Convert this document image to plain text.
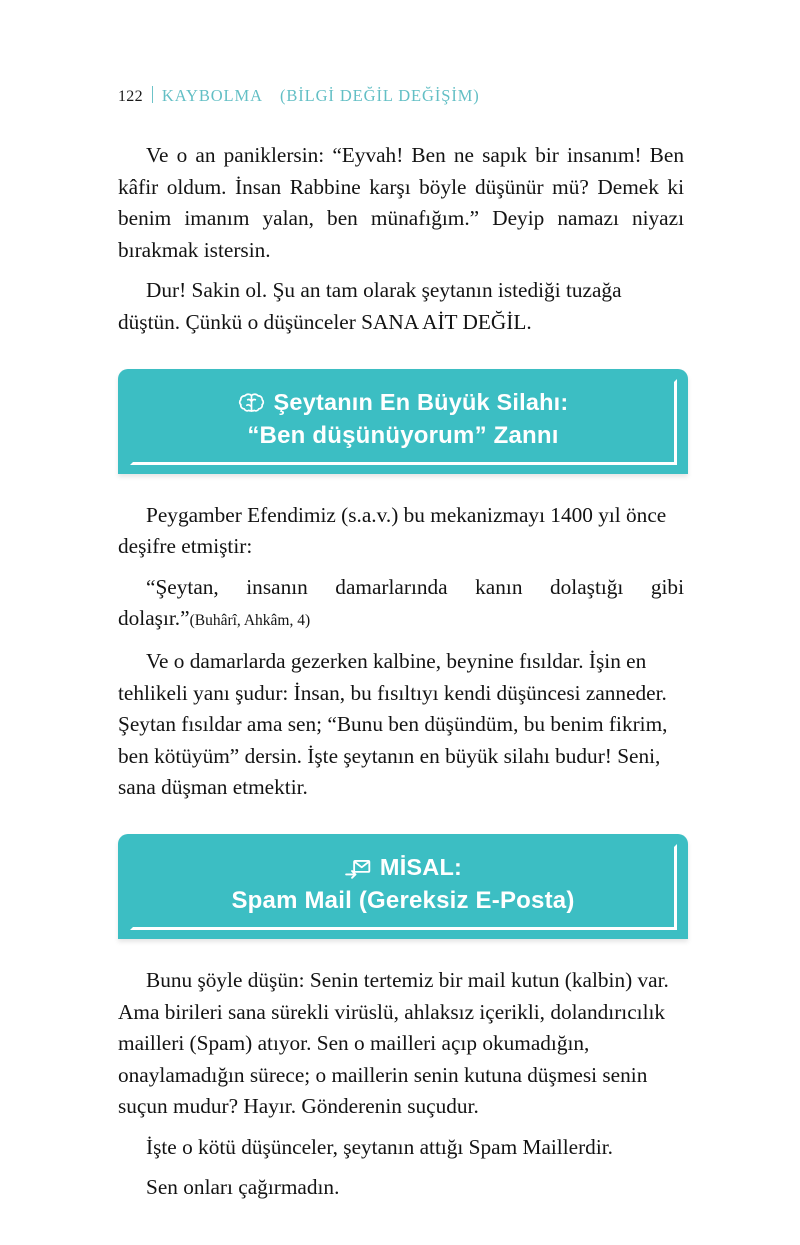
122 KAYBOLMA (BİLGİ DEĞİL DEĞİŞİM)

Ve o an paniklersin: “Eyvah! Ben ne sapık bir insanım! Ben kâfir oldum. İnsan Rabbine karşı böyle düşünür mü? Demek ki benim imanım yalan, ben münafığım.” Deyip namazı niyazı bırakmak istersin.

Dur! Sakin ol. Şu an tam olarak şeytanın istediği tuzağa düştün. Çünkü o düşünceler SANA AİT DEĞİL.

Şeytanın En Büyük Silahı:
“Ben düşünüyorum” Zannı

Peygamber Efendimiz (s.a.v.) bu mekanizmayı 1400 yıl önce deşifre etmiştir:

“Şeytan, insanın damarlarında kanın dolaştığı gibi dolaşır.”(Buhârî, Ahkâm, 4)

Ve o damarlarda gezerken kalbine, beynine fısıldar. İşin en tehlikeli yanı şudur: İnsan, bu fısıltıyı kendi düşüncesi zanneder. Şeytan fısıldar ama sen; “Bunu ben düşündüm, bu benim fikrim, ben kötüyüm” dersin. İşte şeytanın en büyük silahı budur! Seni, sana düşman etmektir.

MİSAL:
Spam Mail (Gereksiz E-Posta)

Bunu şöyle düşün: Senin tertemiz bir mail kutun (kalbin) var. Ama birileri sana sürekli virüslü, ahlaksız içerikli, dolandırıcılık mailleri (Spam) atıyor. Sen o mailleri açıp okumadığın, onaylamadığın sürece; o maillerin senin kutuna düşmesi senin suçun mudur? Hayır. Gönderenin suçudur.

İşte o kötü düşünceler, şeytanın attığı Spam Maillerdir.

Sen onları çağırmadın.
